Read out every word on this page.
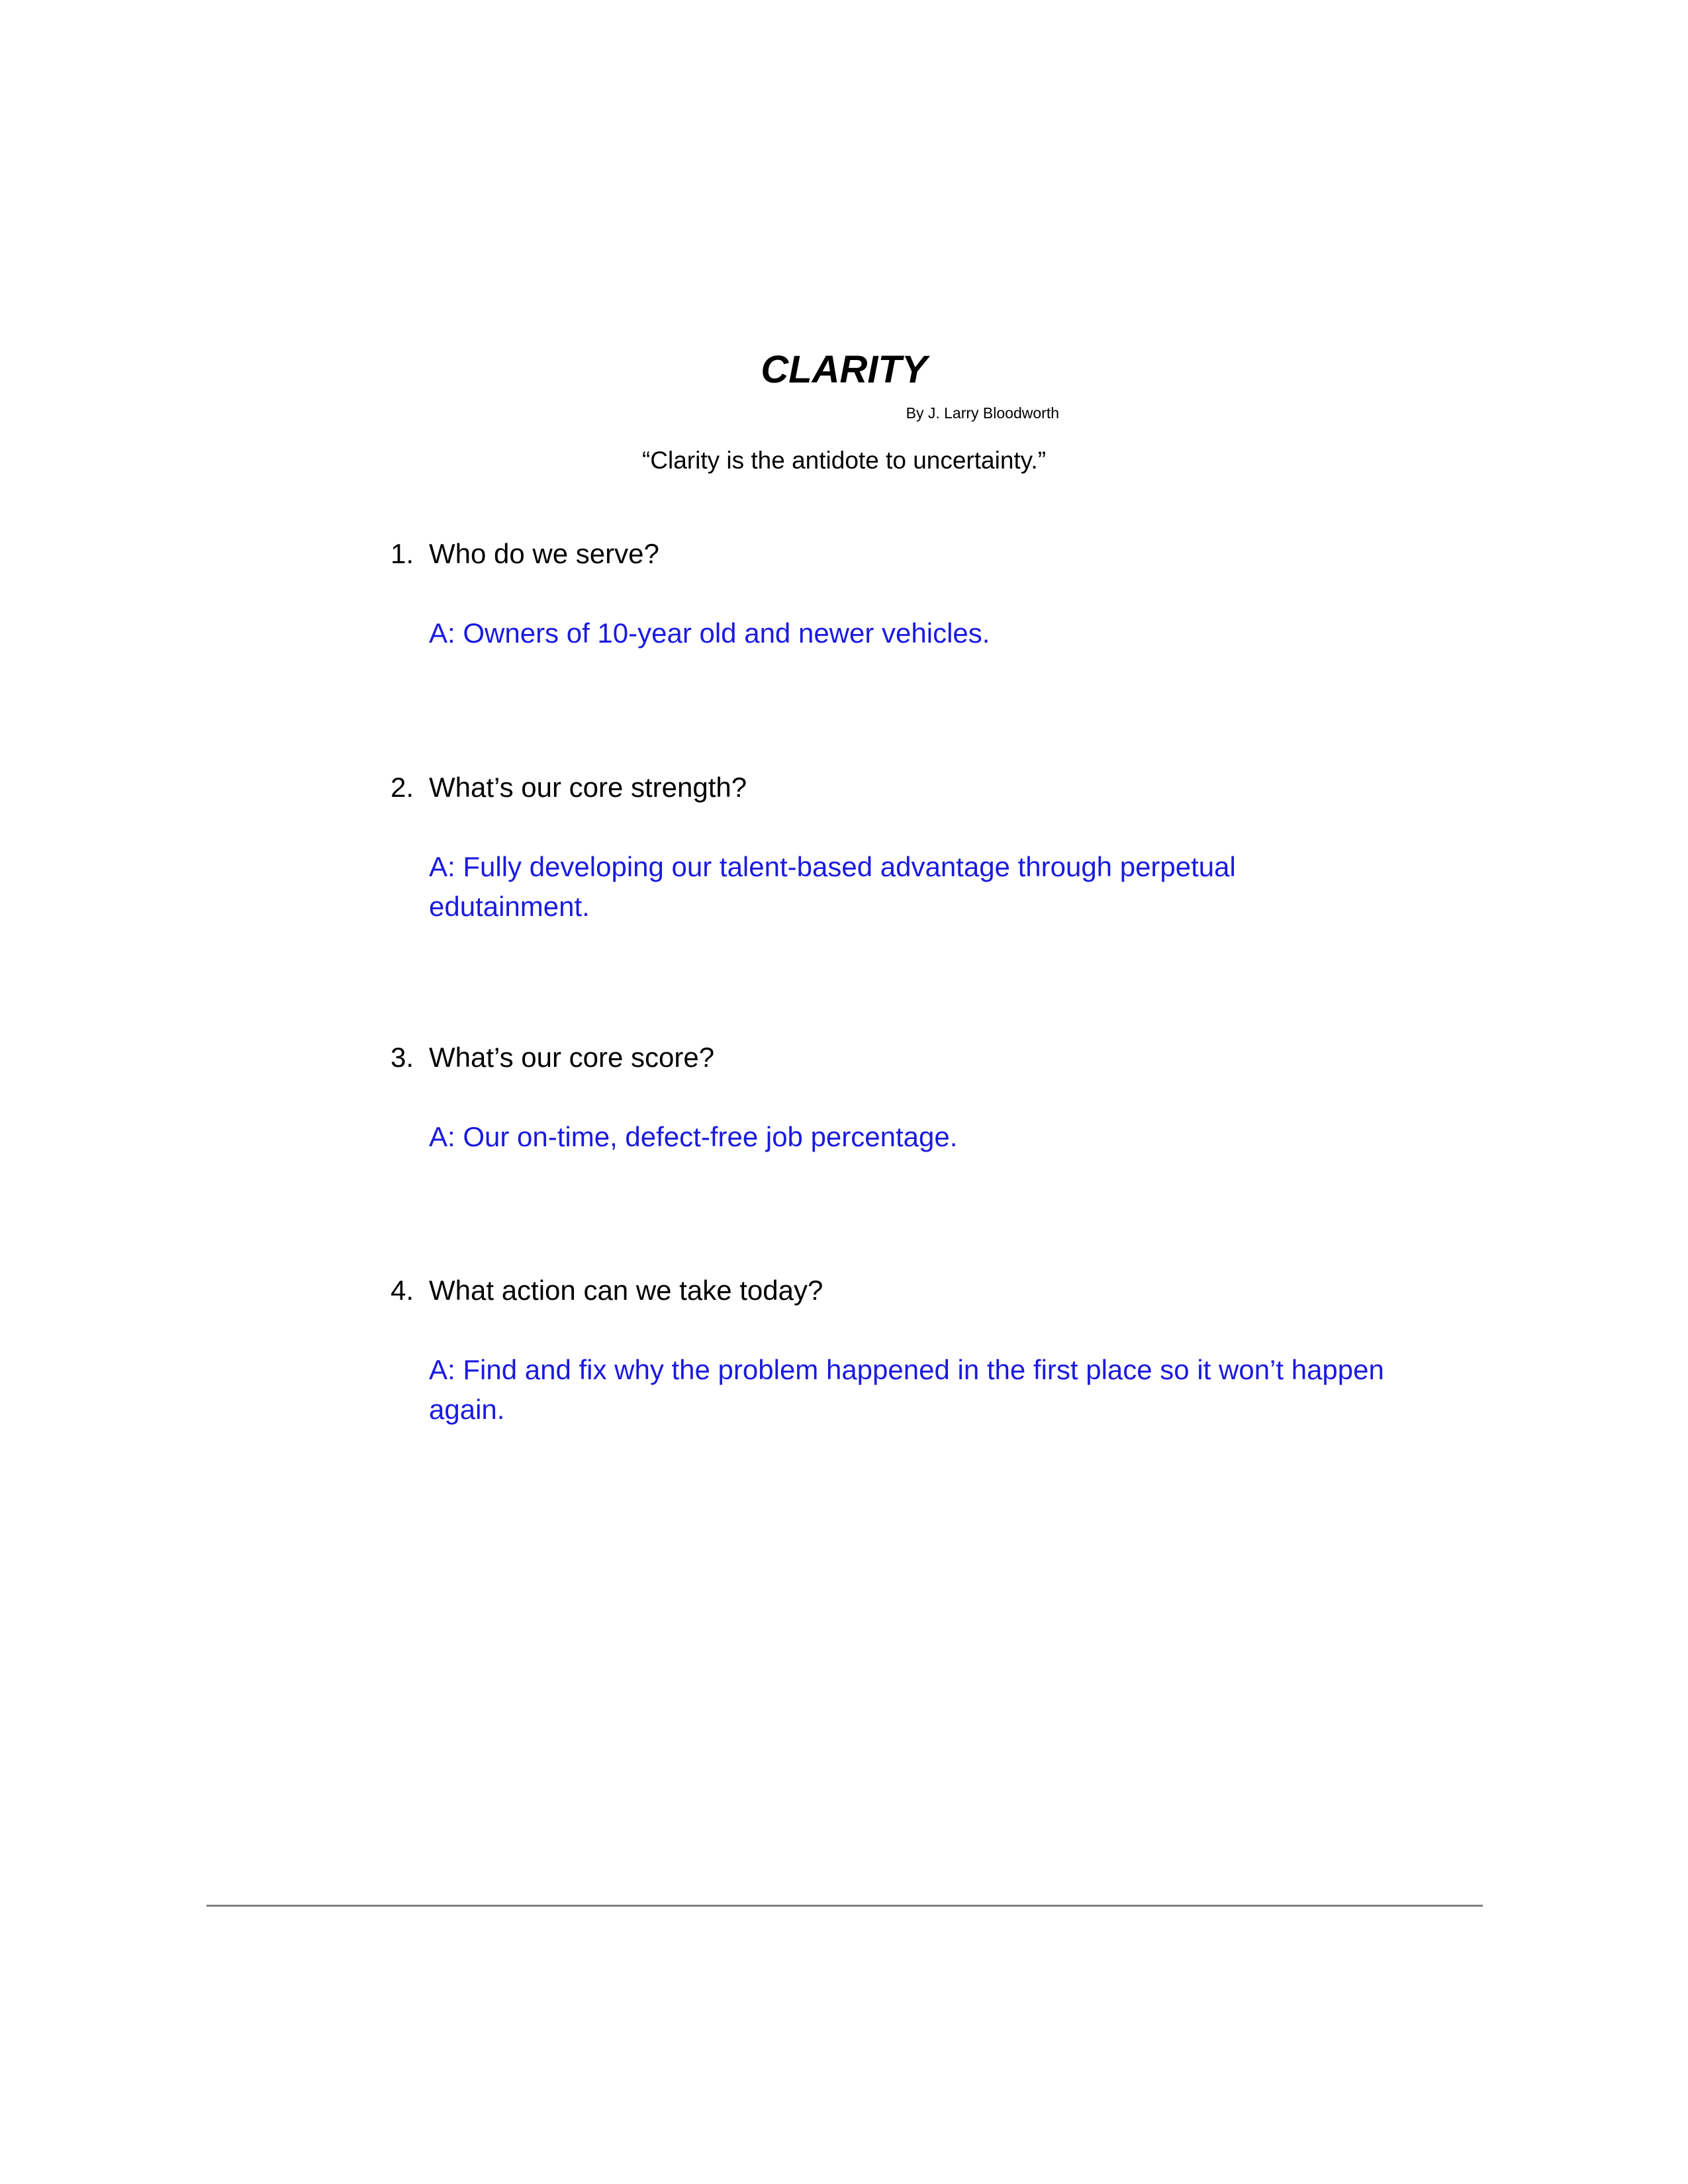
CLARITY
By J. Larry Bloodworth
“Clarity is the antidote to uncertainty.”
1. Who do we serve?
A: Owners of 10-year old and newer vehicles.
2. What’s our core strength?
A: Fully developing our talent-based advantage through perpetual edutainment.
3. What’s our core score?
A: Our on-time, defect-free job percentage.
4. What action can we take today?
A: Find and fix why the problem happened in the first place so it won’t happen again.
